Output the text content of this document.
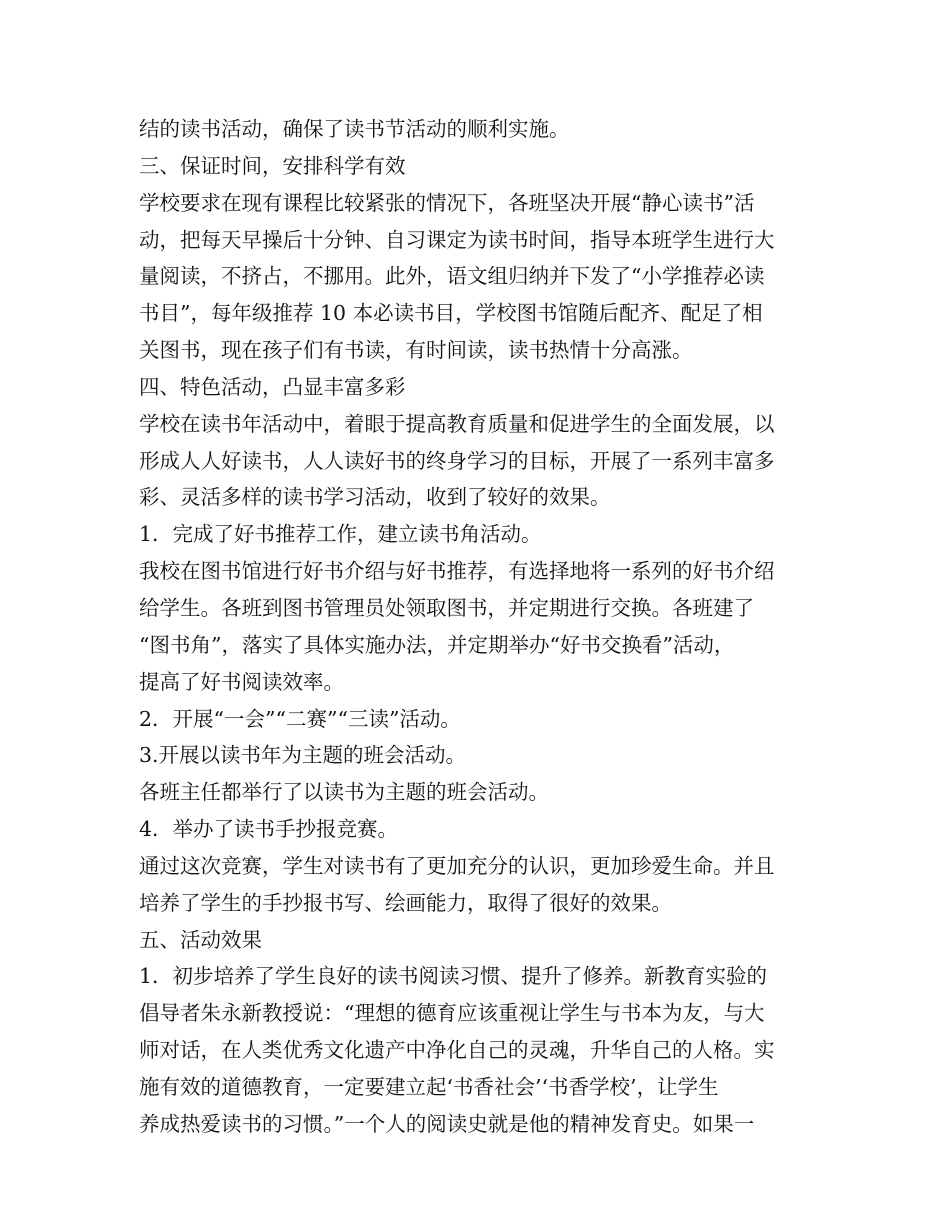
结的读书活动，确保了读书节活动的顺利实施。
三、保证时间，安排科学有效
学校要求在现有课程比较紧张的情况下，各班坚决开展“静心读书”活
动，把每天早操后十分钟、自习课定为读书时间，指导本班学生进行大
量阅读，不挤占，不挪用。此外，语文组归纳并下发了“小学推荐必读
书目”，每年级推荐 10 本必读书目，学校图书馆随后配齐、配足了相
关图书，现在孩子们有书读，有时间读，读书热情十分高涨。
四、特色活动，凸显丰富多彩
学校在读书年活动中，着眼于提高教育质量和促进学生的全面发展，以
形成人人好读书，人人读好书的终身学习的目标，开展了一系列丰富多
彩、灵活多样的读书学习活动，收到了较好的效果。
1．完成了好书推荐工作，建立读书角活动。
我校在图书馆进行好书介绍与好书推荐，有选择地将一系列的好书介绍
给学生。各班到图书管理员处领取图书，并定期进行交换。各班建了
“图书角”，落实了具体实施办法，并定期举办“好书交换看”活动，
提高了好书阅读效率。
2．开展“一会”“二赛”“三读”活动。
3.开展以读书年为主题的班会活动。
各班主任都举行了以读书为主题的班会活动。
4．举办了读书手抄报竞赛。
通过这次竞赛，学生对读书有了更加充分的认识，更加珍爱生命。并且
培养了学生的手抄报书写、绘画能力，取得了很好的效果。
五、活动效果
1．初步培养了学生良好的读书阅读习惯、提升了修养。新教育实验的
倡导者朱永新教授说：“理想的德育应该重视让学生与书本为友，与大
师对话，在人类优秀文化遗产中净化自己的灵魂，升华自己的人格。实
施有效的道德教育，一定要建立起‘书香社会’‘书香学校’，让学生
养成热爱读书的习惯。”一个人的阅读史就是他的精神发育史。如果一
